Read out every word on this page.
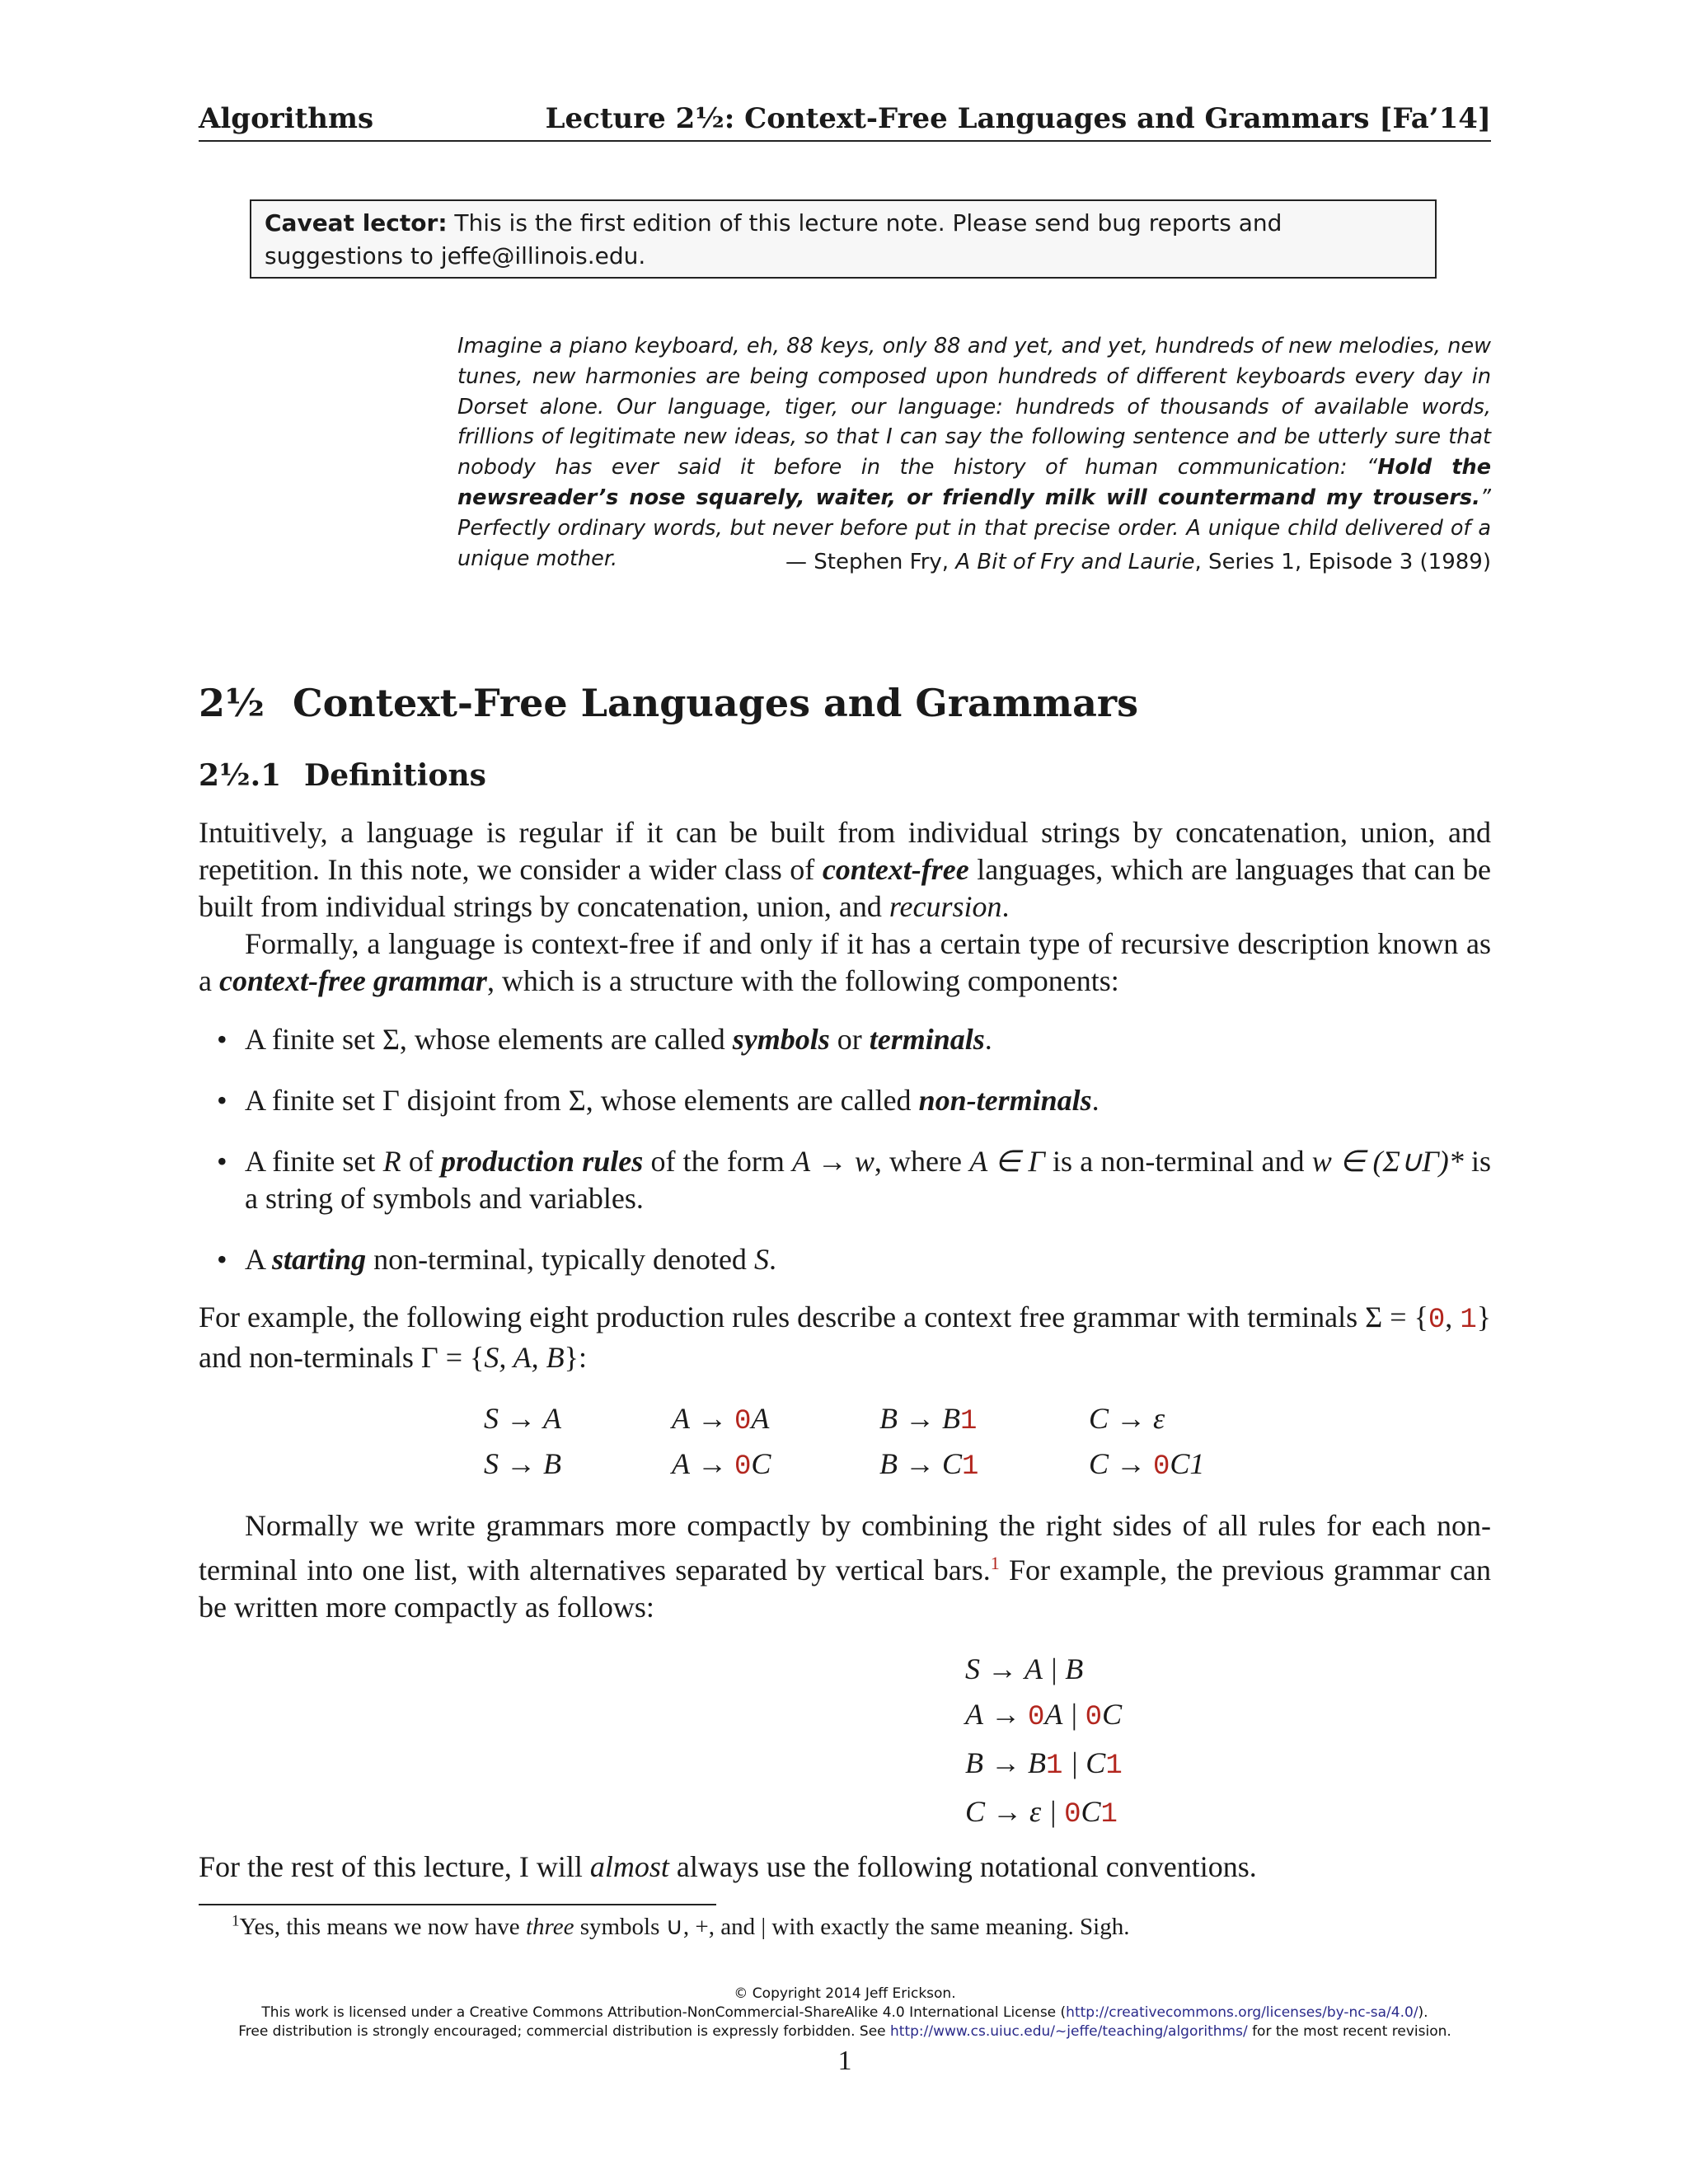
Algorithms	Lecture 2½: Context-Free Languages and Grammars [Fa’14]
Caveat lector: This is the first edition of this lecture note. Please send bug reports and suggestions to jeffe@illinois.edu.
Imagine a piano keyboard, eh, 88 keys, only 88 and yet, and yet, hundreds of new melodies, new tunes, new harmonies are being composed upon hundreds of different keyboards every day in Dorset alone. Our language, tiger, our language: hundreds of thousands of available words, frillions of legitimate new ideas, so that I can say the following sentence and be utterly sure that nobody has ever said it before in the history of human communication: “Hold the newsreader’s nose squarely, waiter, or friendly milk will countermand my trousers.” Perfectly ordinary words, but never before put in that precise order. A unique child delivered of a unique mother.	— Stephen Fry, A Bit of Fry and Laurie, Series 1, Episode 3 (1989)
2½ Context-Free Languages and Grammars
2½.1 Definitions
Intuitively, a language is regular if it can be built from individual strings by concatenation, union, and repetition. In this note, we consider a wider class of context-free languages, which are languages that can be built from individual strings by concatenation, union, and recursion.
Formally, a language is context-free if and only if it has a certain type of recursive description known as a context-free grammar, which is a structure with the following components:
• A finite set Σ, whose elements are called symbols or terminals.
• A finite set Γ disjoint from Σ, whose elements are called non-terminals.
• A finite set R of production rules of the form A → w, where A ∈ Γ is a non-terminal and w ∈ (Σ∪Γ)* is a string of symbols and variables.
• A starting non-terminal, typically denoted S.
For example, the following eight production rules describe a context free grammar with terminals Σ = {0, 1} and non-terminals Γ = {S, A, B}:
S → A	A → 0A	B → B1	C → ε
S → B	A → 0C	B → C1	C → 0C1
Normally we write grammars more compactly by combining the right sides of all rules for each non-terminal into one list, with alternatives separated by vertical bars.$^1$ For example, the previous grammar can be written more compactly as follows:
S → A | B
A → 0A | 0C
B → B1 | C1
C → ε | 0C1
For the rest of this lecture, I will almost always use the following notational conventions.
$^1$Yes, this means we now have three symbols ∪, +, and | with exactly the same meaning. Sigh.
© Copyright 2014 Jeff Erickson.
This work is licensed under a Creative Commons Attribution-NonCommercial-ShareAlike 4.0 International License (http://creativecommons.org/licenses/by-nc-sa/4.0/).
Free distribution is strongly encouraged; commercial distribution is expressly forbidden. See http://www.cs.uiuc.edu/~jeffe/teaching/algorithms/ for the most recent revision.
1
